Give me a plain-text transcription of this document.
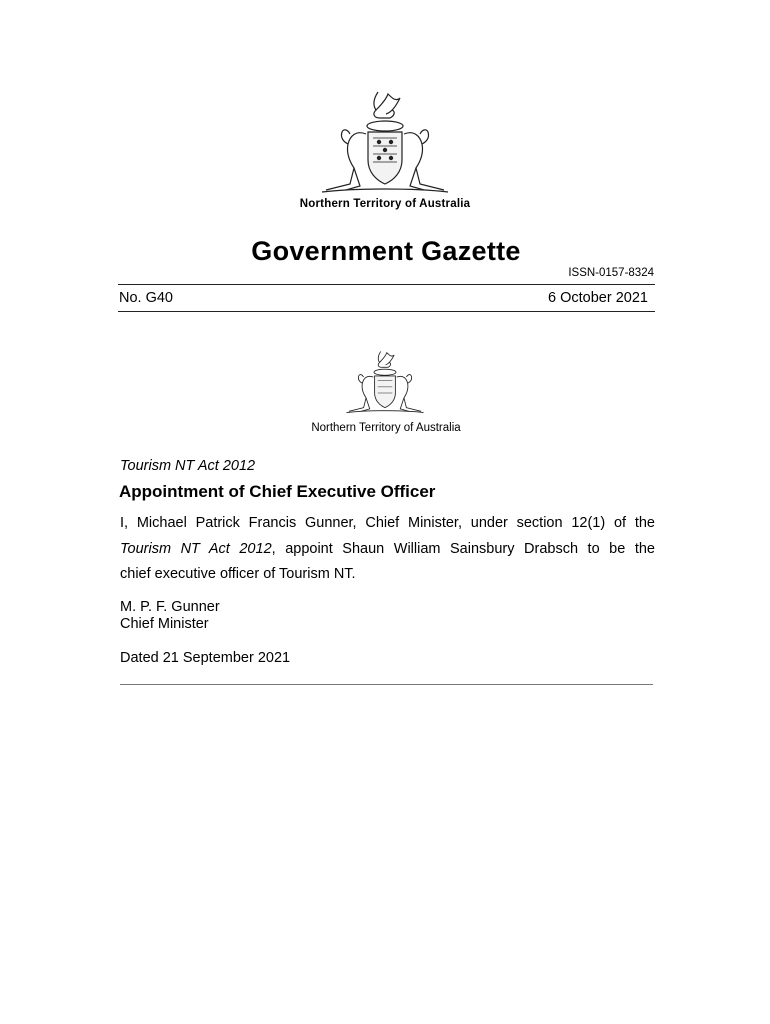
Northern Territory of Australia
Government Gazette
ISSN-0157-8324
No. G40	6 October 2021
Northern Territory of Australia
Tourism NT Act 2012
Appointment of Chief Executive Officer
I, Michael Patrick Francis Gunner, Chief Minister, under section 12(1) of the
Tourism NT Act 2012, appoint Shaun William Sainsbury Drabsch to be the
chief executive officer of Tourism NT.
M. P. F. Gunner
Chief Minister
Dated 21 September 2021
